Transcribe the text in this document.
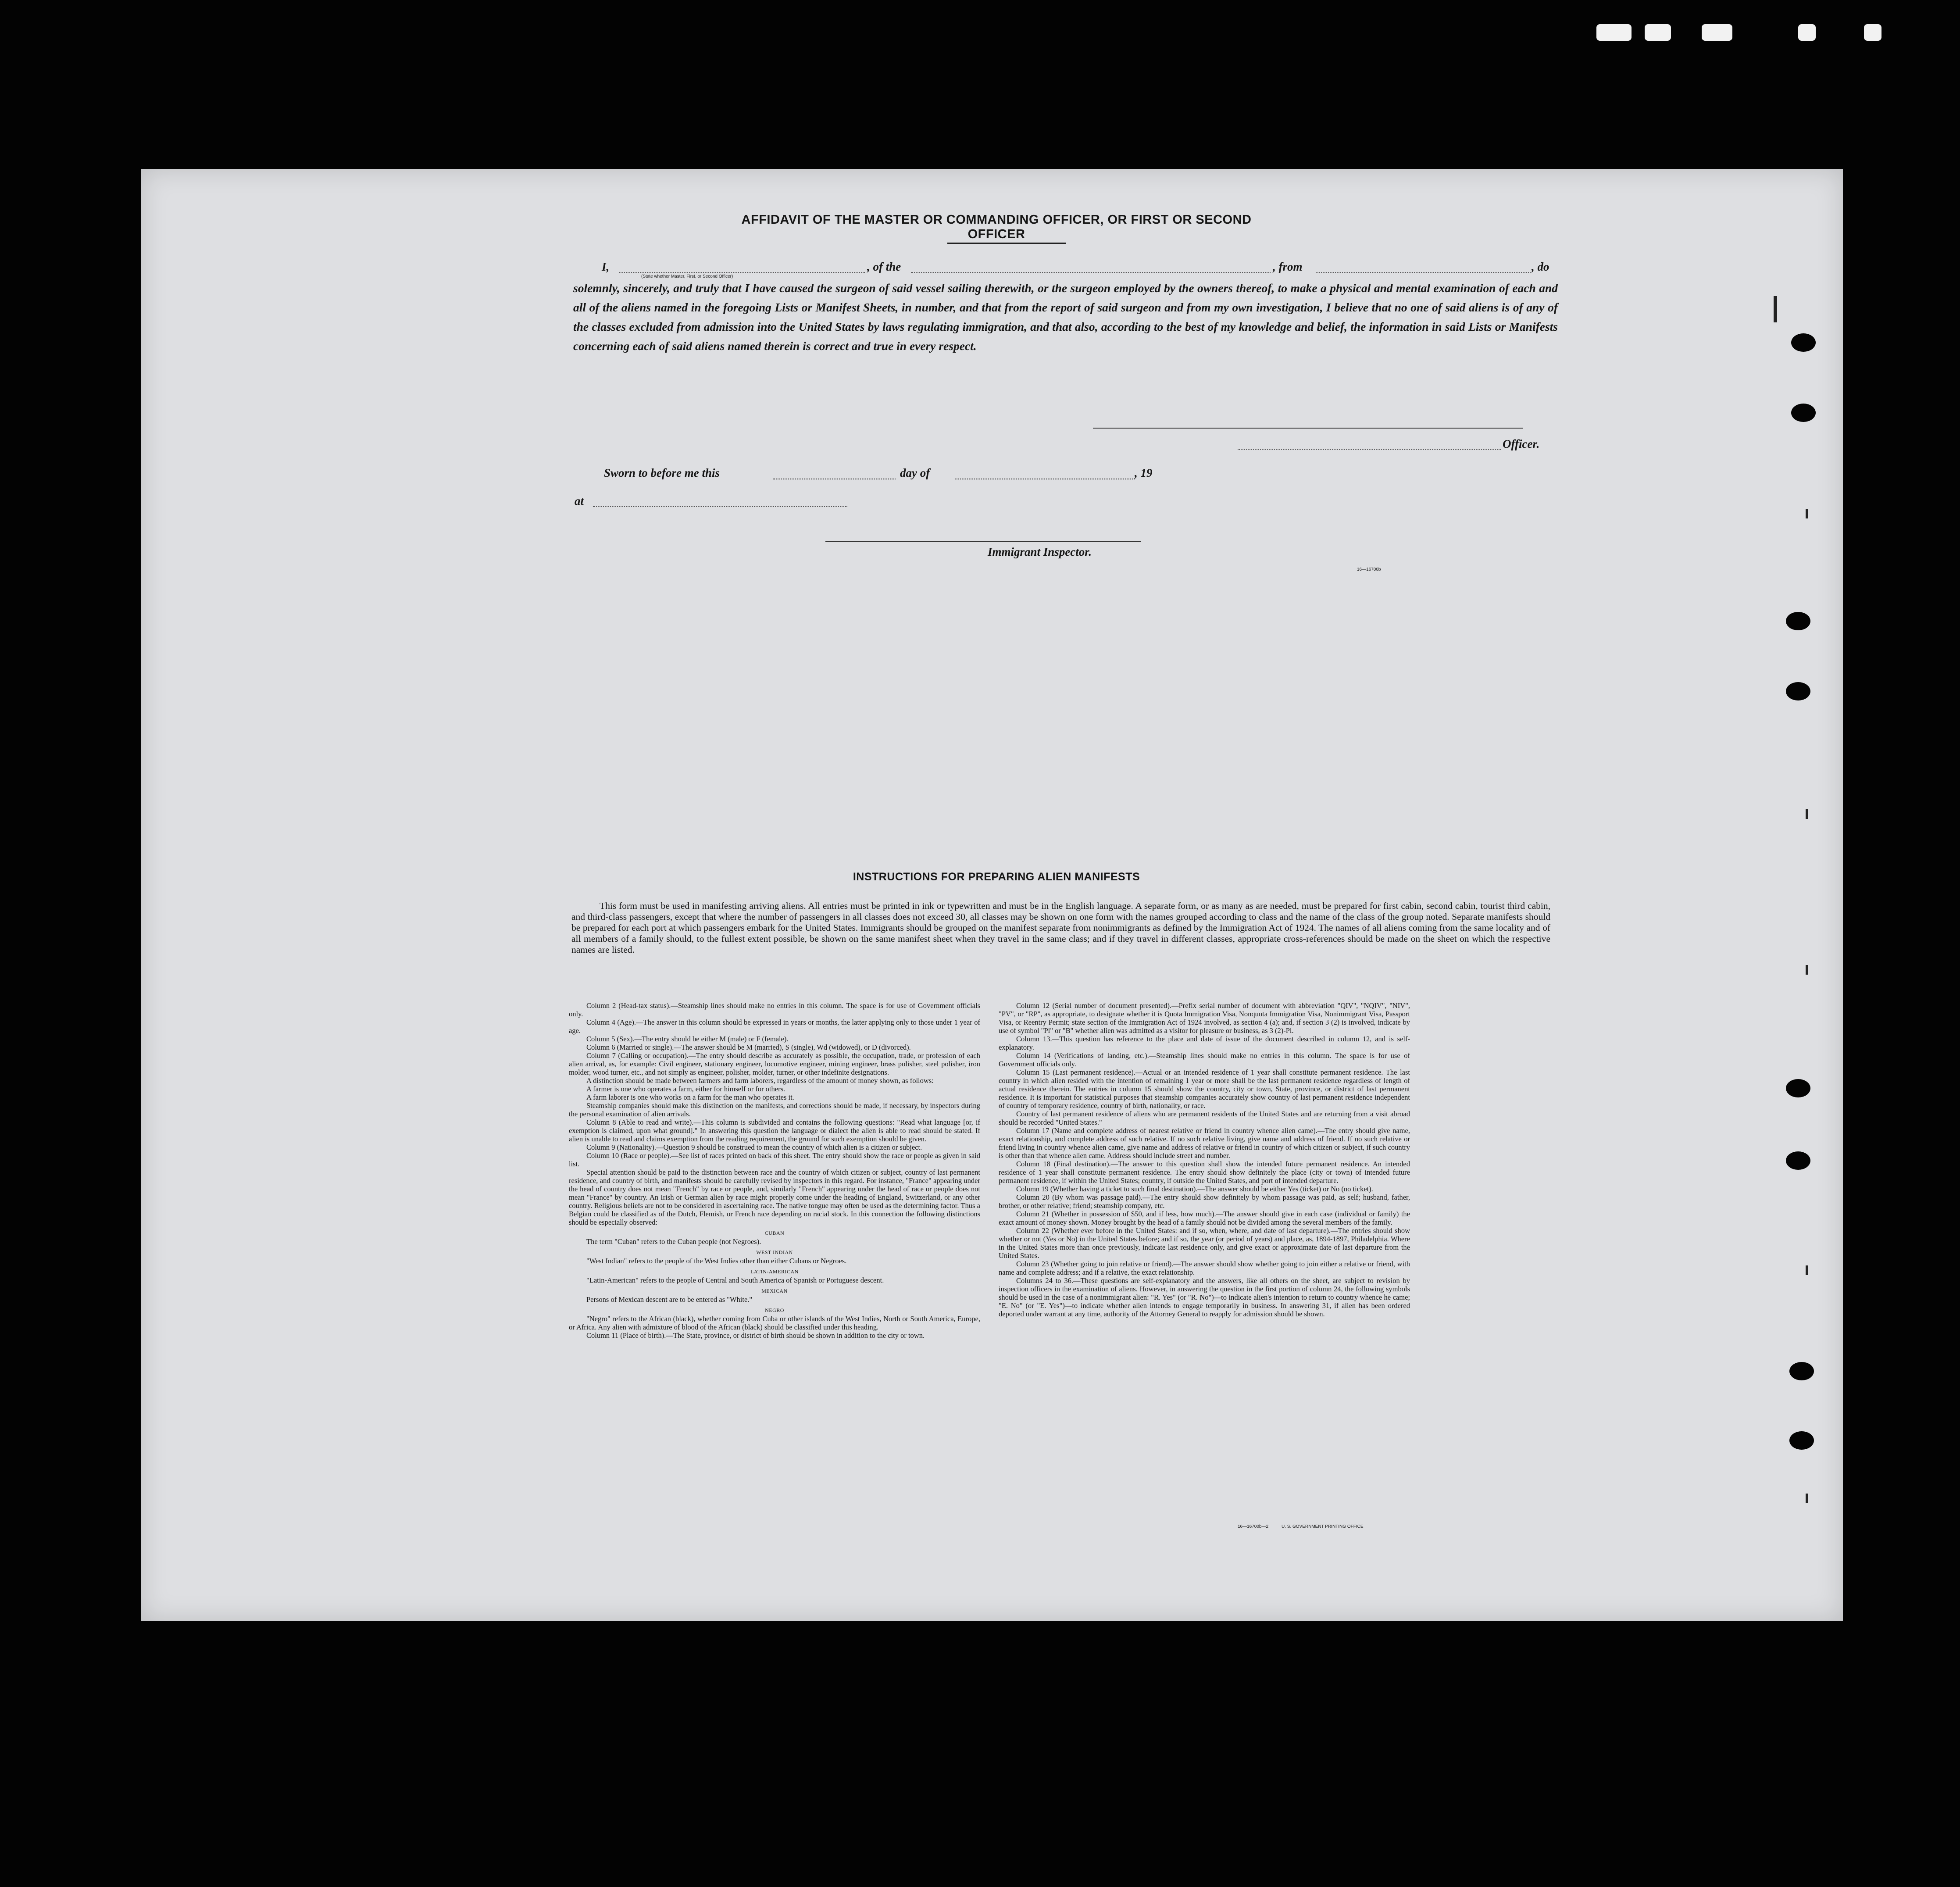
AFFIDAVIT OF THE MASTER OR COMMANDING OFFICER, OR FIRST OR SECOND OFFICER
I,
(State whether Master, First, or Second Officer)
, of the	, from	, do
solemnly, sincerely, and truly that I have caused the surgeon of said vessel sailing therewith, or the surgeon employed by the owners thereof, to make a physical and mental examination of each and all of the aliens named in the foregoing Lists or Manifest Sheets, in number, and that from the report of said surgeon and from my own investigation, I believe that no one of said aliens is of any of the classes excluded from admission into the United States by laws regulating immigration, and that also, according to the best of my knowledge and belief, the information in said Lists or Manifests concerning each of said aliens named therein is correct and true in every respect.
Officer.
Sworn to before me this	day of	, 19
at
Immigrant Inspector.
16—16700b
INSTRUCTIONS FOR PREPARING ALIEN MANIFESTS
This form must be used in manifesting arriving aliens. All entries must be printed in ink or typewritten and must be in the English language. A separate form, or as many as are needed, must be prepared for first cabin, second cabin, tourist third cabin, and third-class passengers, except that where the number of passengers in all classes does not exceed 30, all classes may be shown on one form with the names grouped according to class and the name of the class of the group noted. Separate manifests should be prepared for each port at which passengers embark for the United States. Immigrants should be grouped on the manifest separate from nonimmigrants as defined by the Immigration Act of 1924. The names of all aliens coming from the same locality and of all members of a family should, to the fullest extent possible, be shown on the same manifest sheet when they travel in the same class; and if they travel in different classes, appropriate cross-references should be made on the sheet on which the respective names are listed.

Column 2 (Head-tax status).—Steamship lines should make no entries in this column. The space is for use of Government officials only.

Column 4 (Age).—The answer in this column should be expressed in years or months, the latter applying only to those under 1 year of age.

Column 5 (Sex).—The entry should be either M (male) or F (female).

Column 6 (Married or single).—The answer should be M (married), S (single), Wd (widowed), or D (divorced).

Column 7 (Calling or occupation).—The entry should describe as accurately as possible, the occupation, trade, or profession of each alien arrival, as, for example: Civil engineer, stationary engineer, locomotive engineer, mining engineer, brass polisher, steel polisher, iron molder, wood turner, etc., and not simply as engineer, polisher, molder, turner, or other indefinite designations.

A distinction should be made between farmers and farm laborers, regardless of the amount of money shown, as follows:

A farmer is one who operates a farm, either for himself or for others.

A farm laborer is one who works on a farm for the man who operates it.

Steamship companies should make this distinction on the manifests, and corrections should be made, if necessary, by inspectors during the personal examination of alien arrivals.

Column 8 (Able to read and write).—This column is subdivided and contains the following questions: "Read what language [or, if exemption is claimed, upon what ground]." In answering this question the language or dialect the alien is able to read should be stated. If alien is unable to read and claims exemption from the reading requirement, the ground for such exemption should be given.

Column 9 (Nationality).—Question 9 should be construed to mean the country of which alien is a citizen or subject.

Column 10 (Race or people).—See list of races printed on back of this sheet. The entry should show the race or people as given in said list.

Special attention should be paid to the distinction between race and the country of which citizen or subject, country of last permanent residence, and country of birth, and manifests should be carefully revised by inspectors in this regard. For instance, "France" appearing under the head of country does not mean "French" by race or people, and, similarly "French" appearing under the head of race or people does not mean "France" by country. An Irish or German alien by race might properly come under the heading of England, Switzerland, or any other country. Religious beliefs are not to be considered in ascertaining race. The native tongue may often be used as the determining factor. Thus a Belgian could be classified as of the Dutch, Flemish, or French race depending on racial stock. In this connection the following distinctions should be especially observed:

CUBAN

The term "Cuban" refers to the Cuban people (not Negroes).

WEST INDIAN

"West Indian" refers to the people of the West Indies other than either Cubans or Negroes.

LATIN-AMERICAN

"Latin-American" refers to the people of Central and South America of Spanish or Portuguese descent.

MEXICAN

Persons of Mexican descent are to be entered as "White."

NEGRO

"Negro" refers to the African (black), whether coming from Cuba or other islands of the West Indies, North or South America, Europe, or Africa. Any alien with admixture of blood of the African (black) should be classified under this heading.

Column 11 (Place of birth).—The State, province, or district of birth should be shown in addition to the city or town.

Column 12 (Serial number of document presented).—Prefix serial number of document with abbreviation "QIV", "NQIV", "NIV", "PV", or "RP", as appropriate, to designate whether it is Quota Immigration Visa, Nonquota Immigration Visa, Nonimmigrant Visa, Passport Visa, or Reentry Permit; state section of the Immigration Act of 1924 involved, as section 4 (a); and, if section 3 (2) is involved, indicate by use of symbol "Pl" or "B" whether alien was admitted as a visitor for pleasure or business, as 3 (2)-Pl.

Column 13.—This question has reference to the place and date of issue of the document described in column 12, and is self-explanatory.

Column 14 (Verifications of landing, etc.).—Steamship lines should make no entries in this column. The space is for use of Government officials only.

Column 15 (Last permanent residence).—Actual or an intended residence of 1 year shall constitute permanent residence. The last country in which alien resided with the intention of remaining 1 year or more shall be the last permanent residence regardless of length of actual residence therein. The entries in column 15 should show the country, city or town, State, province, or district of last permanent residence. It is important for statistical purposes that steamship companies accurately show country of last permanent residence independent of country of temporary residence, country of birth, nationality, or race.

Country of last permanent residence of aliens who are permanent residents of the United States and are returning from a visit abroad should be recorded "United States."

Column 17 (Name and complete address of nearest relative or friend in country whence alien came).—The entry should give name, exact relationship, and complete address of such relative. If no such relative living, give name and address of friend. If no such relative or friend living in country whence alien came, give name and address of relative or friend in country of which citizen or subject, if such country is other than that whence alien came. Address should include street and number.

Column 18 (Final destination).—The answer to this question shall show the intended future permanent residence. An intended residence of 1 year shall constitute permanent residence. The entry should show definitely the place (city or town) of intended future permanent residence, if within the United States; country, if outside the United States, and port of intended departure.

Column 19 (Whether having a ticket to such final destination).—The answer should be either Yes (ticket) or No (no ticket).

Column 20 (By whom was passage paid).—The entry should show definitely by whom passage was paid, as self; husband, father, brother, or other relative; friend; steamship company, etc.

Column 21 (Whether in possession of $50, and if less, how much).—The answer should give in each case (individual or family) the exact amount of money shown. Money brought by the head of a family should not be divided among the several members of the family.

Column 22 (Whether ever before in the United States: and if so, when, where, and date of last departure).—The entries should show whether or not (Yes or No) in the United States before; and if so, the year (or period of years) and place, as, 1894-1897, Philadelphia. Where in the United States more than once previously, indicate last residence only, and give exact or approximate date of last departure from the United States.

Column 23 (Whether going to join relative or friend).—The answer should show whether going to join either a relative or friend, with name and complete address; and if a relative, the exact relationship.

Columns 24 to 36.—These questions are self-explanatory and the answers, like all others on the sheet, are subject to revision by inspection officers in the examination of aliens. However, in answering the question in the first portion of column 24, the following symbols should be used in the case of a nonimmigrant alien: "R. Yes" (or "R. No")—to indicate alien's intention to return to country whence he came; "E. No" (or "E. Yes")—to indicate whether alien intends to engage temporarily in business. In answering 31, if alien has been ordered deported under warrant at any time, authority of the Attorney General to reapply for admission should be shown.

16—16700b—2	U. S. GOVERNMENT PRINTING OFFICE
